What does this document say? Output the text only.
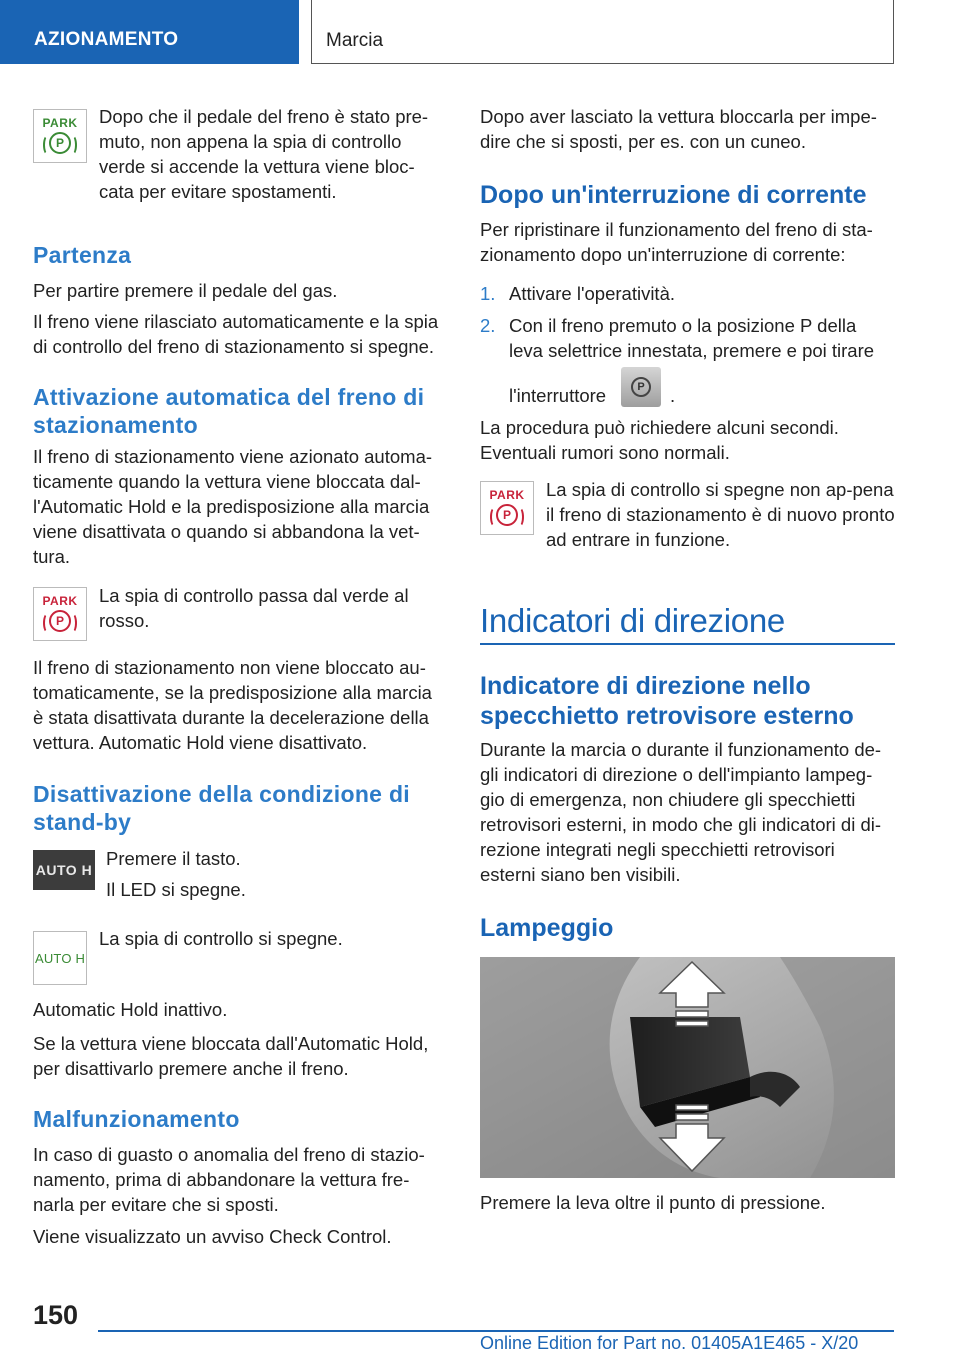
AZIONAMENTO	Marcia
PARK
P

Dopo che il pedale del freno è stato pre-muto, non appena la spia di controllo verde si accende la vettura viene bloc-cata per evitare spostamenti.

Partenza

Per partire premere il pedale del gas.

Il freno viene rilasciato automaticamente e la spia di controllo del freno di stazionamento si spegne.

Attivazione automatica del freno di stazionamento

Il freno di stazionamento viene azionato automa-ticamente quando la vettura viene bloccata dal-l'Automatic Hold e la predisposizione alla marcia viene disattivata o quando si abbandona la vet-tura.

PARK
P

La spia di controllo passa dal verde al rosso.

Il freno di stazionamento non viene bloccato au-tomaticamente, se la predisposizione alla marcia è stata disattivata durante la decelerazione della vettura. Automatic Hold viene disattivato.

Disattivazione della condizione di stand-by
AUTO H

Premere il tasto.

Il LED si spegne.

AUTO H

La spia di controllo si spegne.

Automatic Hold inattivo.

Se la vettura viene bloccata dall'Automatic Hold, per disattivarlo premere anche il freno.

Malfunzionamento

In caso di guasto o anomalia del freno di stazio-namento, prima di abbandonare la vettura fre-narla per evitare che si sposti.

Viene visualizzato un avviso Check Control.

Dopo aver lasciato la vettura bloccarla per impe-dire che si sposti, per es. con un cuneo.

Dopo un'interruzione di corrente

Per ripristinare il funzionamento del freno di sta-zionamento dopo un'interruzione di corrente:

1. Attivare l'operatività.

2. Con il freno premuto o la posizione P della leva selettrice innestata, premere e poi tirare

l'interruttore	P	.

La procedura può richiedere alcuni secondi.

Eventuali rumori sono normali.

PARK
P

La spia di controllo si spegne non ap-pena il freno di stazionamento è di nuovo pronto ad entrare in funzione.

Indicatori di direzione
Indicatore di direzione nello specchietto retrovisore esterno

Durante la marcia o durante il funzionamento de-gli indicatori di direzione o dell'impianto lampeg-gio di emergenza, non chiudere gli specchietti retrovisori esterni, in modo che gli indicatori di di-rezione integrati negli specchietti retrovisori esterni siano ben visibili.

Lampeggio

Premere la leva oltre il punto di pressione.

150
Online Edition for Part no. 01405A1E465 - X/20
